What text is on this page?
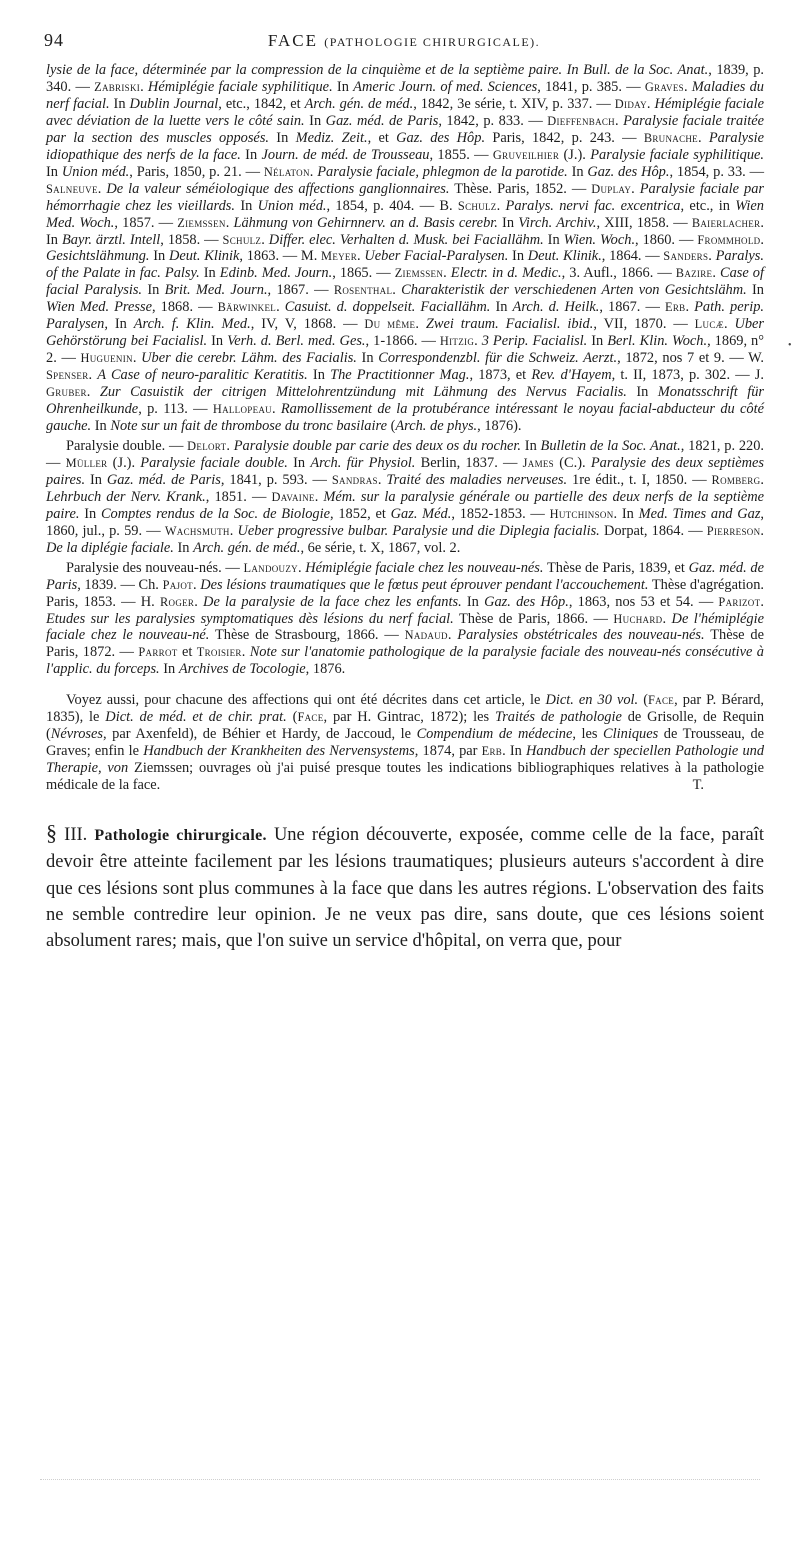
94	FACE (PATHOLOGIE CHIRURGICALE).
lysie de la face, déterminée par la compression de la cinquième et de la septième paire. In Bull. de la Soc. Anat., 1839, p. 340. — Zabriski. Hémiplégie faciale syphilitique. In Americ Journ. of med. Sciences, 1841, p. 385. — Graves. Maladies du nerf facial. In Dublin Journal, etc., 1842, et Arch. gén. de méd., 1842, 3e série, t. XIV, p. 337. — Diday. Hémiplégie faciale avec déviation de la luette vers le côté sain. In Gaz. méd. de Paris, 1842, p. 833. — Dieffenbach. Paralysie faciale traitée par la section des muscles opposés. In Mediz. Zeit., et Gaz. des Hôp. Paris, 1842, p. 243. — Brunache. Paralysie idiopathique des nerfs de la face. In Journ. de méd. de Trousseau, 1855. — Gruveilhier (J.). Paralysie faciale syphilitique. In Union méd., Paris, 1850, p. 21. — Nélaton. Paralysie faciale, phlegmon de la parotide. In Gaz. des Hôp., 1854, p. 33. — Salneuve. De la valeur séméiologique des affections ganglionnaires. Thèse. Paris, 1852. — Duplay. Paralysie faciale par hémorrhagie chez les vieillards. In Union méd., 1854, p. 404. — B. Schulz. Paralys. nervi fac. excentrica, etc., in Wien Med. Woch., 1857. — Ziemssen. Lähmung von Gehirnnerv. an d. Basis cerebr. In Virch. Archiv., XIII, 1858. — Baierlacher. In Bayr. ärztl. Intell, 1858. — Schulz. Differ. elec. Verhalten d. Musk. bei Faciallähm. In Wien. Woch., 1860. — Frommhold. Gesichtslähmung. In Deut. Klinik, 1863. — M. Meyer. Ueber Facial-Paralysen. In Deut. Klinik., 1864. — Sanders. Paralys. of the Palate in fac. Palsy. In Edinb. Med. Journ., 1865. — Ziemssen. Electr. in d. Medic., 3. Aufl., 1866. — Bazire. Case of facial Paralysis. In Brit. Med. Journ., 1867. — Rosenthal. Charakteristik der verschiedenen Arten von Gesichtslähm. In Wien Med. Presse, 1868. — Bärwinkel. Casuist. d. doppelseit. Faciallähm. In Arch. d. Heilk., 1867. — Erb. Path. perip. Paralysen, In Arch. f. Klin. Med., IV, V, 1868. — Du même. Zwei traum. Facialisl. ibid., VII, 1870. — Lucæ. Uber Gehörstörung bei Facialisl. In Verh. d. Berl. med. Ges., 1-1866. — Hitzig. 3 Perip. Facialisl. In Berl. Klin. Woch., 1869, n° 2. — Huguenin. Uber die cerebr. Lähm. des Facialis. In Correspondenzbl. für die Schweiz. Aerzt., 1872, nos 7 et 9. — W. Spenser. A Case of neuro-paralitic Keratitis. In The Practitionner Mag., 1873, et Rev. d'Hayem, t. II, 1873, p. 302. — J. Gruber. Zur Casuistik der citrigen Mittelohrentzündung mit Lähmung des Nervus Facialis. In Monatsschrift für Ohrenheilkunde, p. 113. — Hallopeau. Ramollissement de la protubérance intéressant le noyau facial-abducteur du côté gauche. In Note sur un fait de thrombose du tronc basilaire (Arch. de phys., 1876).
Paralysie double. — Delort. Paralysie double par carie des deux os du rocher. In Bulletin de la Soc. Anat., 1821, p. 220. — Müller (J.). Paralysie faciale double. In Arch. für Physiol. Berlin, 1837. — James (C.). Paralysie des deux septièmes paires. In Gaz. méd. de Paris, 1841, p. 593. — Sandras. Traité des maladies nerveuses. 1re édit., t. I, 1850. — Romberg. Lehrbuch der Nerv. Krank., 1851. — Davaine. Mém. sur la paralysie générale ou partielle des deux nerfs de la septième paire. In Comptes rendus de la Soc. de Biologie, 1852, et Gaz. Méd., 1852-1853. — Hutchinson. In Med. Times and Gaz, 1860, jul., p. 59. — Wachsmuth. Ueber progressive bulbar. Paralysie und die Diplegia facialis. Dorpat, 1864. — Pierreson. De la diplégie faciale. In Arch. gén. de méd., 6e série, t. X, 1867, vol. 2.
Paralysie des nouveau-nés. — Landouzy. Hémiplégie faciale chez les nouveau-nés. Thèse de Paris, 1839, et Gaz. méd. de Paris, 1839. — Ch. Pajot. Des lésions traumatiques que le fœtus peut éprouver pendant l'accouchement. Thèse d'agrégation. Paris, 1853. — H. Roger. De la paralysie de la face chez les enfants. In Gaz. des Hôp., 1863, nos 53 et 54. — Parizot. Etudes sur les paralysies symptomatiques dès lésions du nerf facial. Thèse de Paris, 1866. — Huchard. De l'hémiplégie faciale chez le nouveau-né. Thèse de Strasbourg, 1866. — Nadaud. Paralysies obstétricales des nouveau-nés. Thèse de Paris, 1872. — Parrot et Troisier. Note sur l'anatomie pathologique de la paralysie faciale des nouveau-nés consécutive à l'applic. du forceps. In Archives de Tocologie, 1876.
Voyez aussi, pour chacune des affections qui ont été décrites dans cet article, le Dict. en 30 vol. (Face, par P. Bérard, 1835), le Dict. de méd. et de chir. prat. (Face, par H. Gintrac, 1872); les Traités de pathologie de Grisolle, de Requin (Névroses, par Axenfeld), de Béhier et Hardy, de Jaccoud, le Compendium de médecine, les Cliniques de Trousseau, de Graves; enfin le Handbuch der Krankheiten des Nervensystems, 1874, par Erb. In Handbuch der speciellen Pathologie und Therapie, von Ziemssen; ouvrages où j'ai puisé presque toutes les indications bibliographiques relatives à la pathologie médicale de la face.	T.
§ III. Pathologie chirurgicale. Une région découverte, exposée, comme celle de la face, paraît devoir être atteinte facilement par les lésions traumatiques; plusieurs auteurs s'accordent à dire que ces lésions sont plus communes à la face que dans les autres régions. L'observation des faits ne semble contredire leur opinion. Je ne veux pas dire, sans doute, que ces lésions soient absolument rares; mais, que l'on suive un service d'hôpital, on verra que, pour
•
